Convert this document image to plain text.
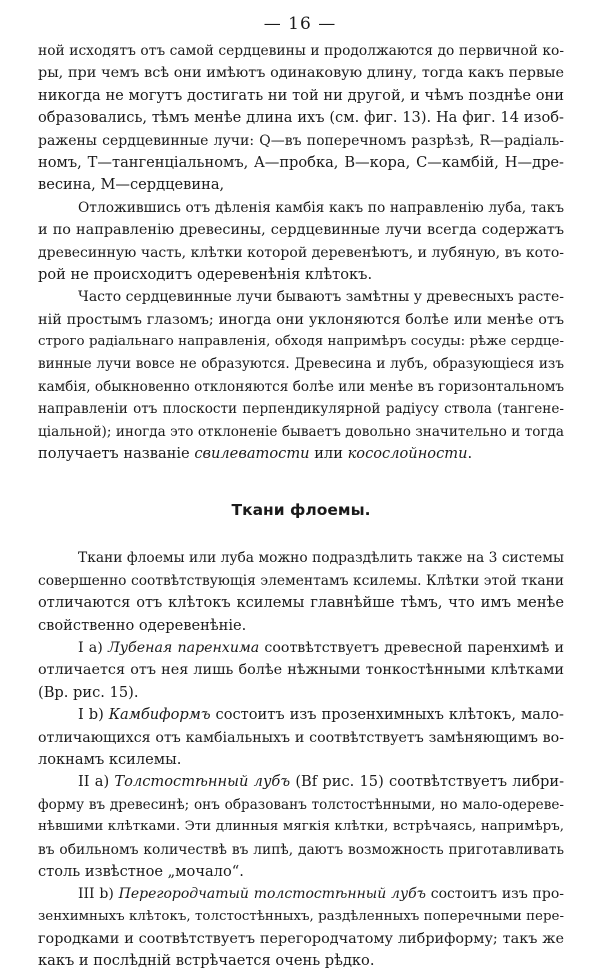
— 16 —
ной исходятъ отъ самой сердцевины и продолжаются до первичной ко-
ры, при чемъ всѣ они имѣютъ одинаковую длину, тогда какъ первые
никогда не могутъ достигать ни той ни другой, и чѣмъ позднѣе они
образовались, тѣмъ менѣе длина ихъ (см. фиг. 13). На фиг. 14 изоб-
ражены сердцевинные лучи: Q—въ поперечномъ разрѣзѣ, R—радіаль-
номъ, T—тангенціальномъ, A—пробка, B—кора, C—камбій, H—дре-
весина, M—сердцевина,
Отложившись отъ дѣленія камбія какъ по направленію луба, такъ
и по направленію древесины, сердцевинные лучи всегда содержатъ
древесинную часть, клѣтки которой деревенѣютъ, и лубяную, въ кото-
рой не происходитъ одеревенѣнія клѣтокъ.
Часто сердцевинные лучи бываютъ замѣтны у древесныхъ расте-
ній простымъ глазомъ; иногда они уклоняются болѣе или менѣе отъ
строго радіальнаго направленія, обходя напримѣръ сосуды: рѣже сердце-
винные лучи вовсе не образуются. Древесина и лубъ, образующіеся изъ
камбія, обыкновенно отклоняются болѣе или менѣе въ горизонтальномъ
направленіи отъ плоскости перпендикулярной радіусу ствола (тангене-
ціальной); иногда это отклоненіе бываетъ довольно значительно и тогда
получаетъ названіе свилеватости или косослойности.
Ткани флоемы.
Ткани флоемы или луба можно подраздѣлить также на 3 системы
совершенно соотвѣтствующія элементамъ ксилемы. Клѣтки этой ткани
отличаются отъ клѣтокъ ксилемы главнѣйше тѣмъ, что имъ менѣе
свойственно одеревенѣніе.
I a) Лубеная паренхима соотвѣтствуетъ древесной паренхимѣ и
отличается отъ нея лишь болѣе нѣжными тонкостѣнными клѣтками
(Bp. рис. 15).
I b) Камбиформъ состоитъ изъ прозенхимныхъ клѣтокъ, мало-
отличающихся отъ камбіальныхъ и соотвѣтствуетъ замѣняющимъ во-
локнамъ ксилемы.
II a) Толстостѣнный лубъ (Bf рис. 15) соотвѣтствуетъ либри-
форму въ древесинѣ; онъ образованъ толстостѣнными, но мало-одереве-
нѣвшими клѣтками. Эти длинныя мягкія клѣтки, встрѣчаясь, напримѣръ,
въ обильномъ количествѣ въ липѣ, даютъ возможность приготавливать
столь извѣстное „мочало“.
III b) Перегородчатый толстостѣнный лубъ состоитъ изъ про-
зенхимныхъ клѣтокъ, толстостѣнныхъ, раздѣленныхъ поперечными пере-
городками и соотвѣтствуетъ перегородчатому либриформу; такъ же
какъ и послѣдній встрѣчается очень рѣдко.
